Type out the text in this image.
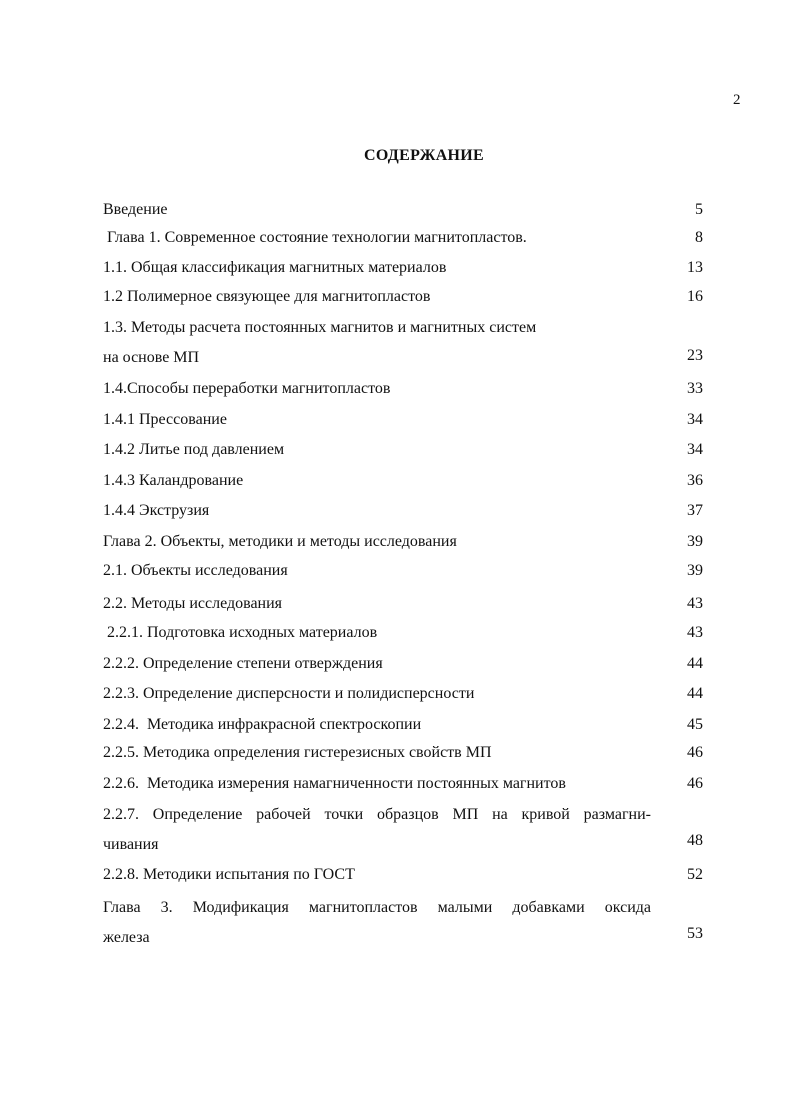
2
СОДЕРЖАНИЕ
Введение	5
Глава 1. Современное состояние технологии магнитопластов.	8
1.1. Общая классификация магнитных материалов	13
1.2 Полимерное связующее для магнитопластов	16
1.3. Методы расчета постоянных магнитов и магнитных систем
на основе МП	23
1.4.Способы переработки магнитопластов	33
1.4.1 Прессование	34
1.4.2 Литье под давлением	34
1.4.3 Каландрование	36
1.4.4 Экструзия	37
Глава 2. Объекты, методики и методы исследования	39
2.1. Объекты исследования	39
2.2. Методы исследования	43
2.2.1. Подготовка исходных материалов	43
2.2.2. Определение степени отверждения	44
2.2.3. Определение дисперсности и полидисперсности	44
2.2.4.  Методика инфракрасной спектроскопии	45
2.2.5. Методика определения гистерезисных свойств МП	46
2.2.6.  Методика измерения намагниченности постоянных магнитов	46
2.2.7. Определение рабочей точки образцов МП на кривой размагни-
чивания	48
2.2.8. Методики испытания по ГОСТ	52
Глава 3. Модификация магнитопластов малыми добавками оксида
железа	53
